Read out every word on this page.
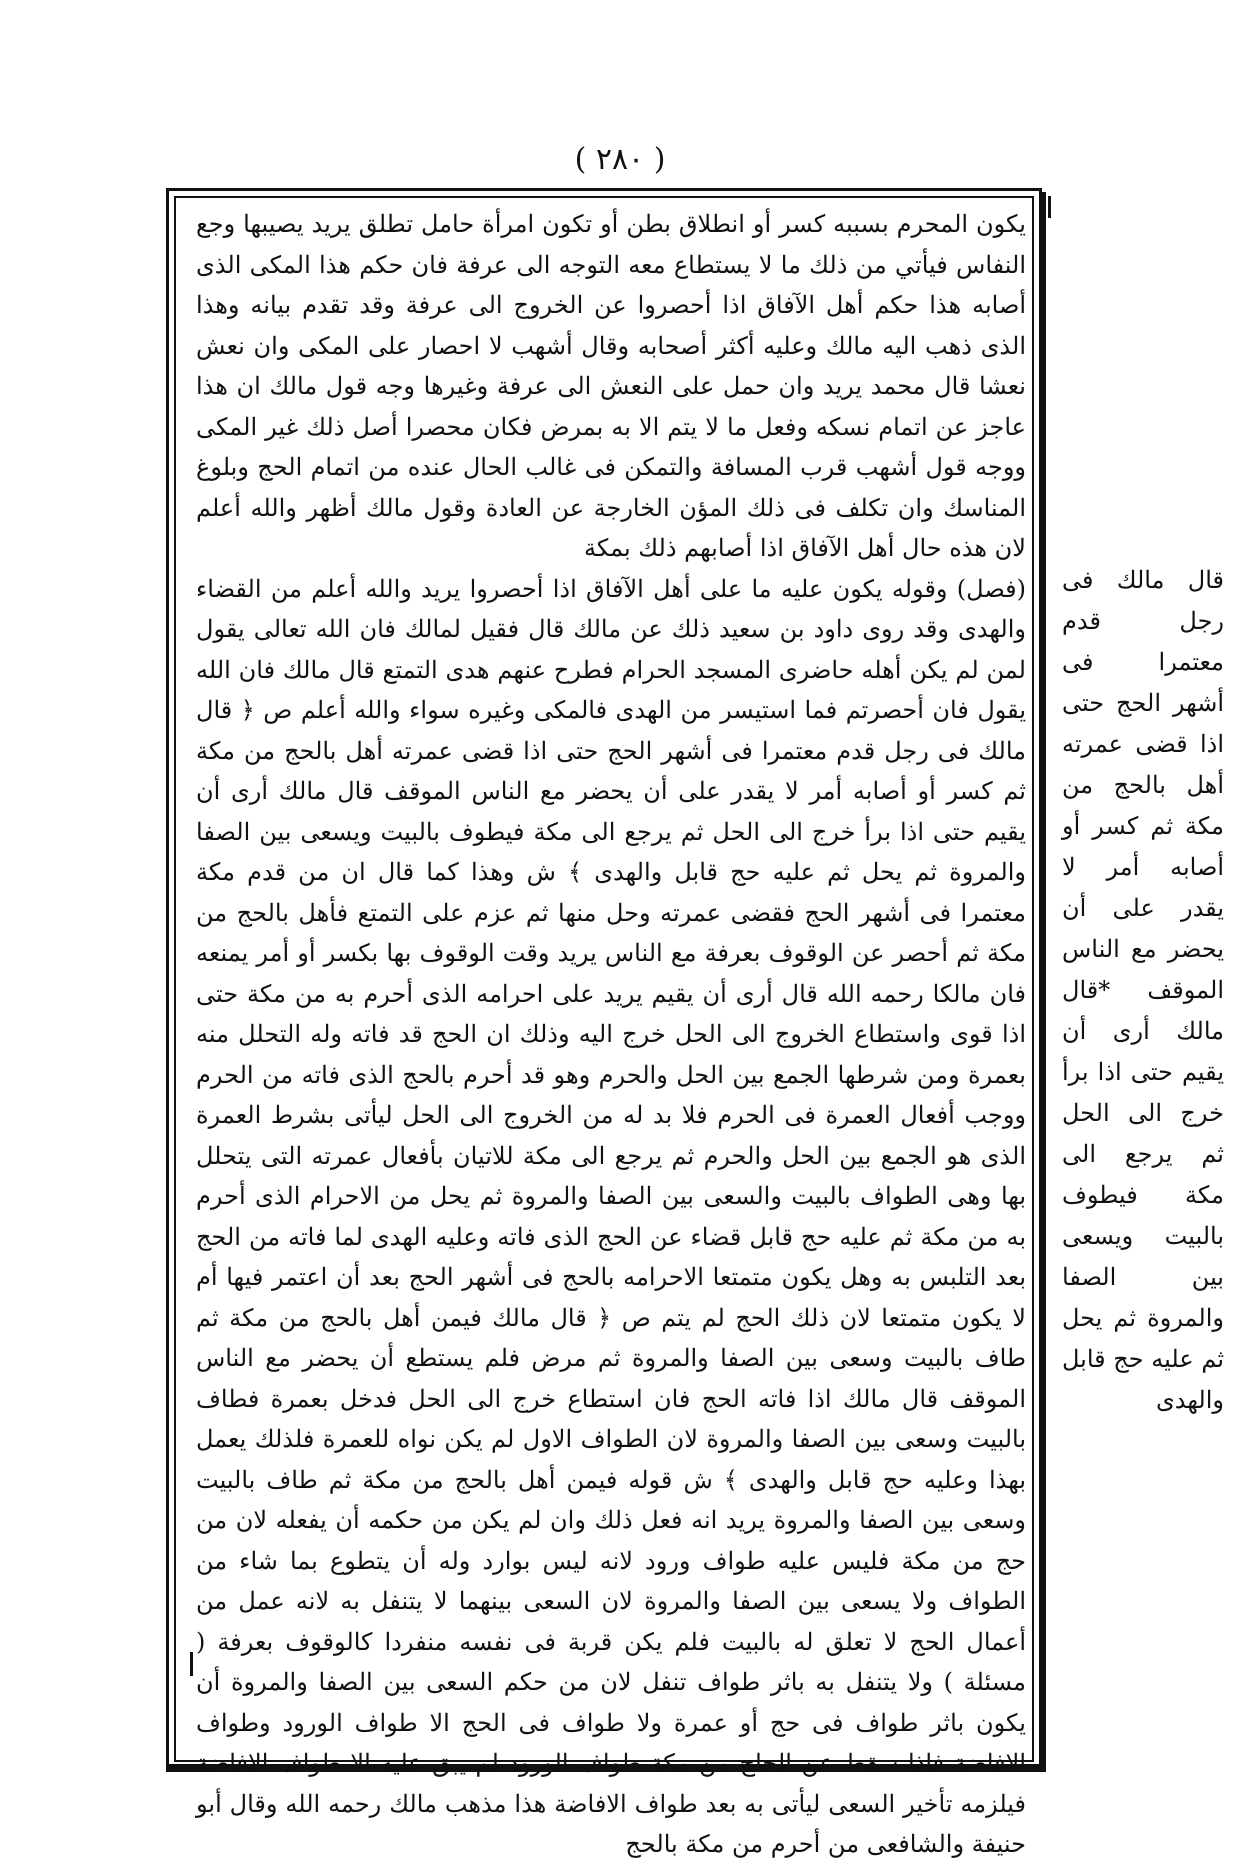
( ٢٨٠ )

يكون المحرم بسببه كسر أو انطلاق بطن أو تكون امرأة حامل تطلق يريد يصيبها وجع النفاس فيأتي من ذلك ما لا يستطاع معه التوجه الى عرفة فان حكم هذا المكى الذى أصابه هذا حكم أهل الآفاق اذا أحصروا عن الخروج الى عرفة وقد تقدم بيانه وهذا الذى ذهب اليه مالك وعليه أكثر أصحابه وقال أشهب لا احصار على المكى وان نعش نعشا قال محمد يريد وان حمل على النعش الى عرفة وغيرها وجه قول مالك ان هذا عاجز عن اتمام نسكه وفعل ما لا يتم الا به بمرض فكان محصرا أصل ذلك غير المكى ووجه قول أشهب قرب المسافة والتمكن فى غالب الحال عنده من اتمام الحج وبلوغ المناسك وان تكلف فى ذلك المؤن الخارجة عن العادة وقول مالك أظهر والله أعلم لان هذه حال أهل الآفاق اذا أصابهم ذلك بمكة

(فصل) وقوله يكون عليه ما على أهل الآفاق اذا أحصروا يريد والله أعلم من القضاء والهدى وقد روى داود بن سعيد ذلك عن مالك قال فقيل لمالك فان الله تعالى يقول لمن لم يكن أهله حاضرى المسجد الحرام فطرح عنهم هدى التمتع قال مالك فان الله يقول فان أحصرتم فما استيسر من الهدى فالمكى وغيره سواء والله أعلم ص ﴿ قال مالك فى رجل قدم معتمرا فى أشهر الحج حتى اذا قضى عمرته أهل بالحج من مكة ثم كسر أو أصابه أمر لا يقدر على أن يحضر مع الناس الموقف قال مالك أرى أن يقيم حتى اذا برأ خرج الى الحل ثم يرجع الى مكة فيطوف بالبيت ويسعى بين الصفا والمروة ثم يحل ثم عليه حج قابل والهدى ﴾ ش وهذا كما قال ان من قدم مكة معتمرا فى أشهر الحج فقضى عمرته وحل منها ثم عزم على التمتع فأهل بالحج من مكة ثم أحصر عن الوقوف بعرفة مع الناس يريد وقت الوقوف بها بكسر أو أمر يمنعه فان مالكا رحمه الله قال أرى أن يقيم يريد على احرامه الذى أحرم به من مكة حتى اذا قوى واستطاع الخروج الى الحل خرج اليه وذلك ان الحج قد فاته وله التحلل منه بعمرة ومن شرطها الجمع بين الحل والحرم وهو قد أحرم بالحج الذى فاته من الحرم ووجب أفعال العمرة فى الحرم فلا بد له من الخروج الى الحل ليأتى بشرط العمرة الذى هو الجمع بين الحل والحرم ثم يرجع الى مكة للاتيان بأفعال عمرته التى يتحلل بها وهى الطواف بالبيت والسعى بين الصفا والمروة ثم يحل من الاحرام الذى أحرم به من مكة ثم عليه حج قابل قضاء عن الحج الذى فاته وعليه الهدى لما فاته من الحج بعد التلبس به وهل يكون متمتعا الاحرامه بالحج فى أشهر الحج بعد أن اعتمر فيها أم لا يكون متمتعا لان ذلك الحج لم يتم ص ﴿ قال مالك فيمن أهل بالحج من مكة ثم طاف بالبيت وسعى بين الصفا والمروة ثم مرض فلم يستطع أن يحضر مع الناس الموقف قال مالك اذا فاته الحج فان استطاع خرج الى الحل فدخل بعمرة فطاف بالبيت وسعى بين الصفا والمروة لان الطواف الاول لم يكن نواه للعمرة فلذلك يعمل بهذا وعليه حج قابل والهدى ﴾ ش قوله فيمن أهل بالحج من مكة ثم طاف بالبيت وسعى بين الصفا والمروة يريد انه فعل ذلك وان لم يكن من حكمه أن يفعله لان من حج من مكة فليس عليه طواف ورود لانه ليس بوارد وله أن يتطوع بما شاء من الطواف ولا يسعى بين الصفا والمروة لان السعى بينهما لا يتنفل به لانه عمل من أعمال الحج لا تعلق له بالبيت فلم يكن قربة فى نفسه منفردا كالوقوف بعرفة ( مسئلة ) ولا يتنفل به باثر طواف تنفل لان من حكم السعى بين الصفا والمروة أن يكون باثر طواف فى حج أو عمرة ولا طواف فى الحج الا طواف الورود وطواف الافاضة فاذا سقط عن الحاج من مكة طواف الورود لم يبق عليه الا طواف الافاضة فيلزمه تأخير السعى ليأتى به بعد طواف الافاضة هذا مذهب مالك رحمه الله وقال أبو حنيفة والشافعى من أحرم من مكة بالحج

قال مالك فى رجل قدم معتمرا فى أشهر الحج حتى اذا قضى عمرته أهل بالحج من مكة ثم كسر أو أصابه أمر لا يقدر على أن يحضر مع الناس الموقف *قال مالك أرى أن يقيم حتى اذا برأ خرج الى الحل ثم يرجع الى مكة فيطوف بالبيت ويسعى بين الصفا والمروة ثم يحل ثم عليه حج قابل والهدى
